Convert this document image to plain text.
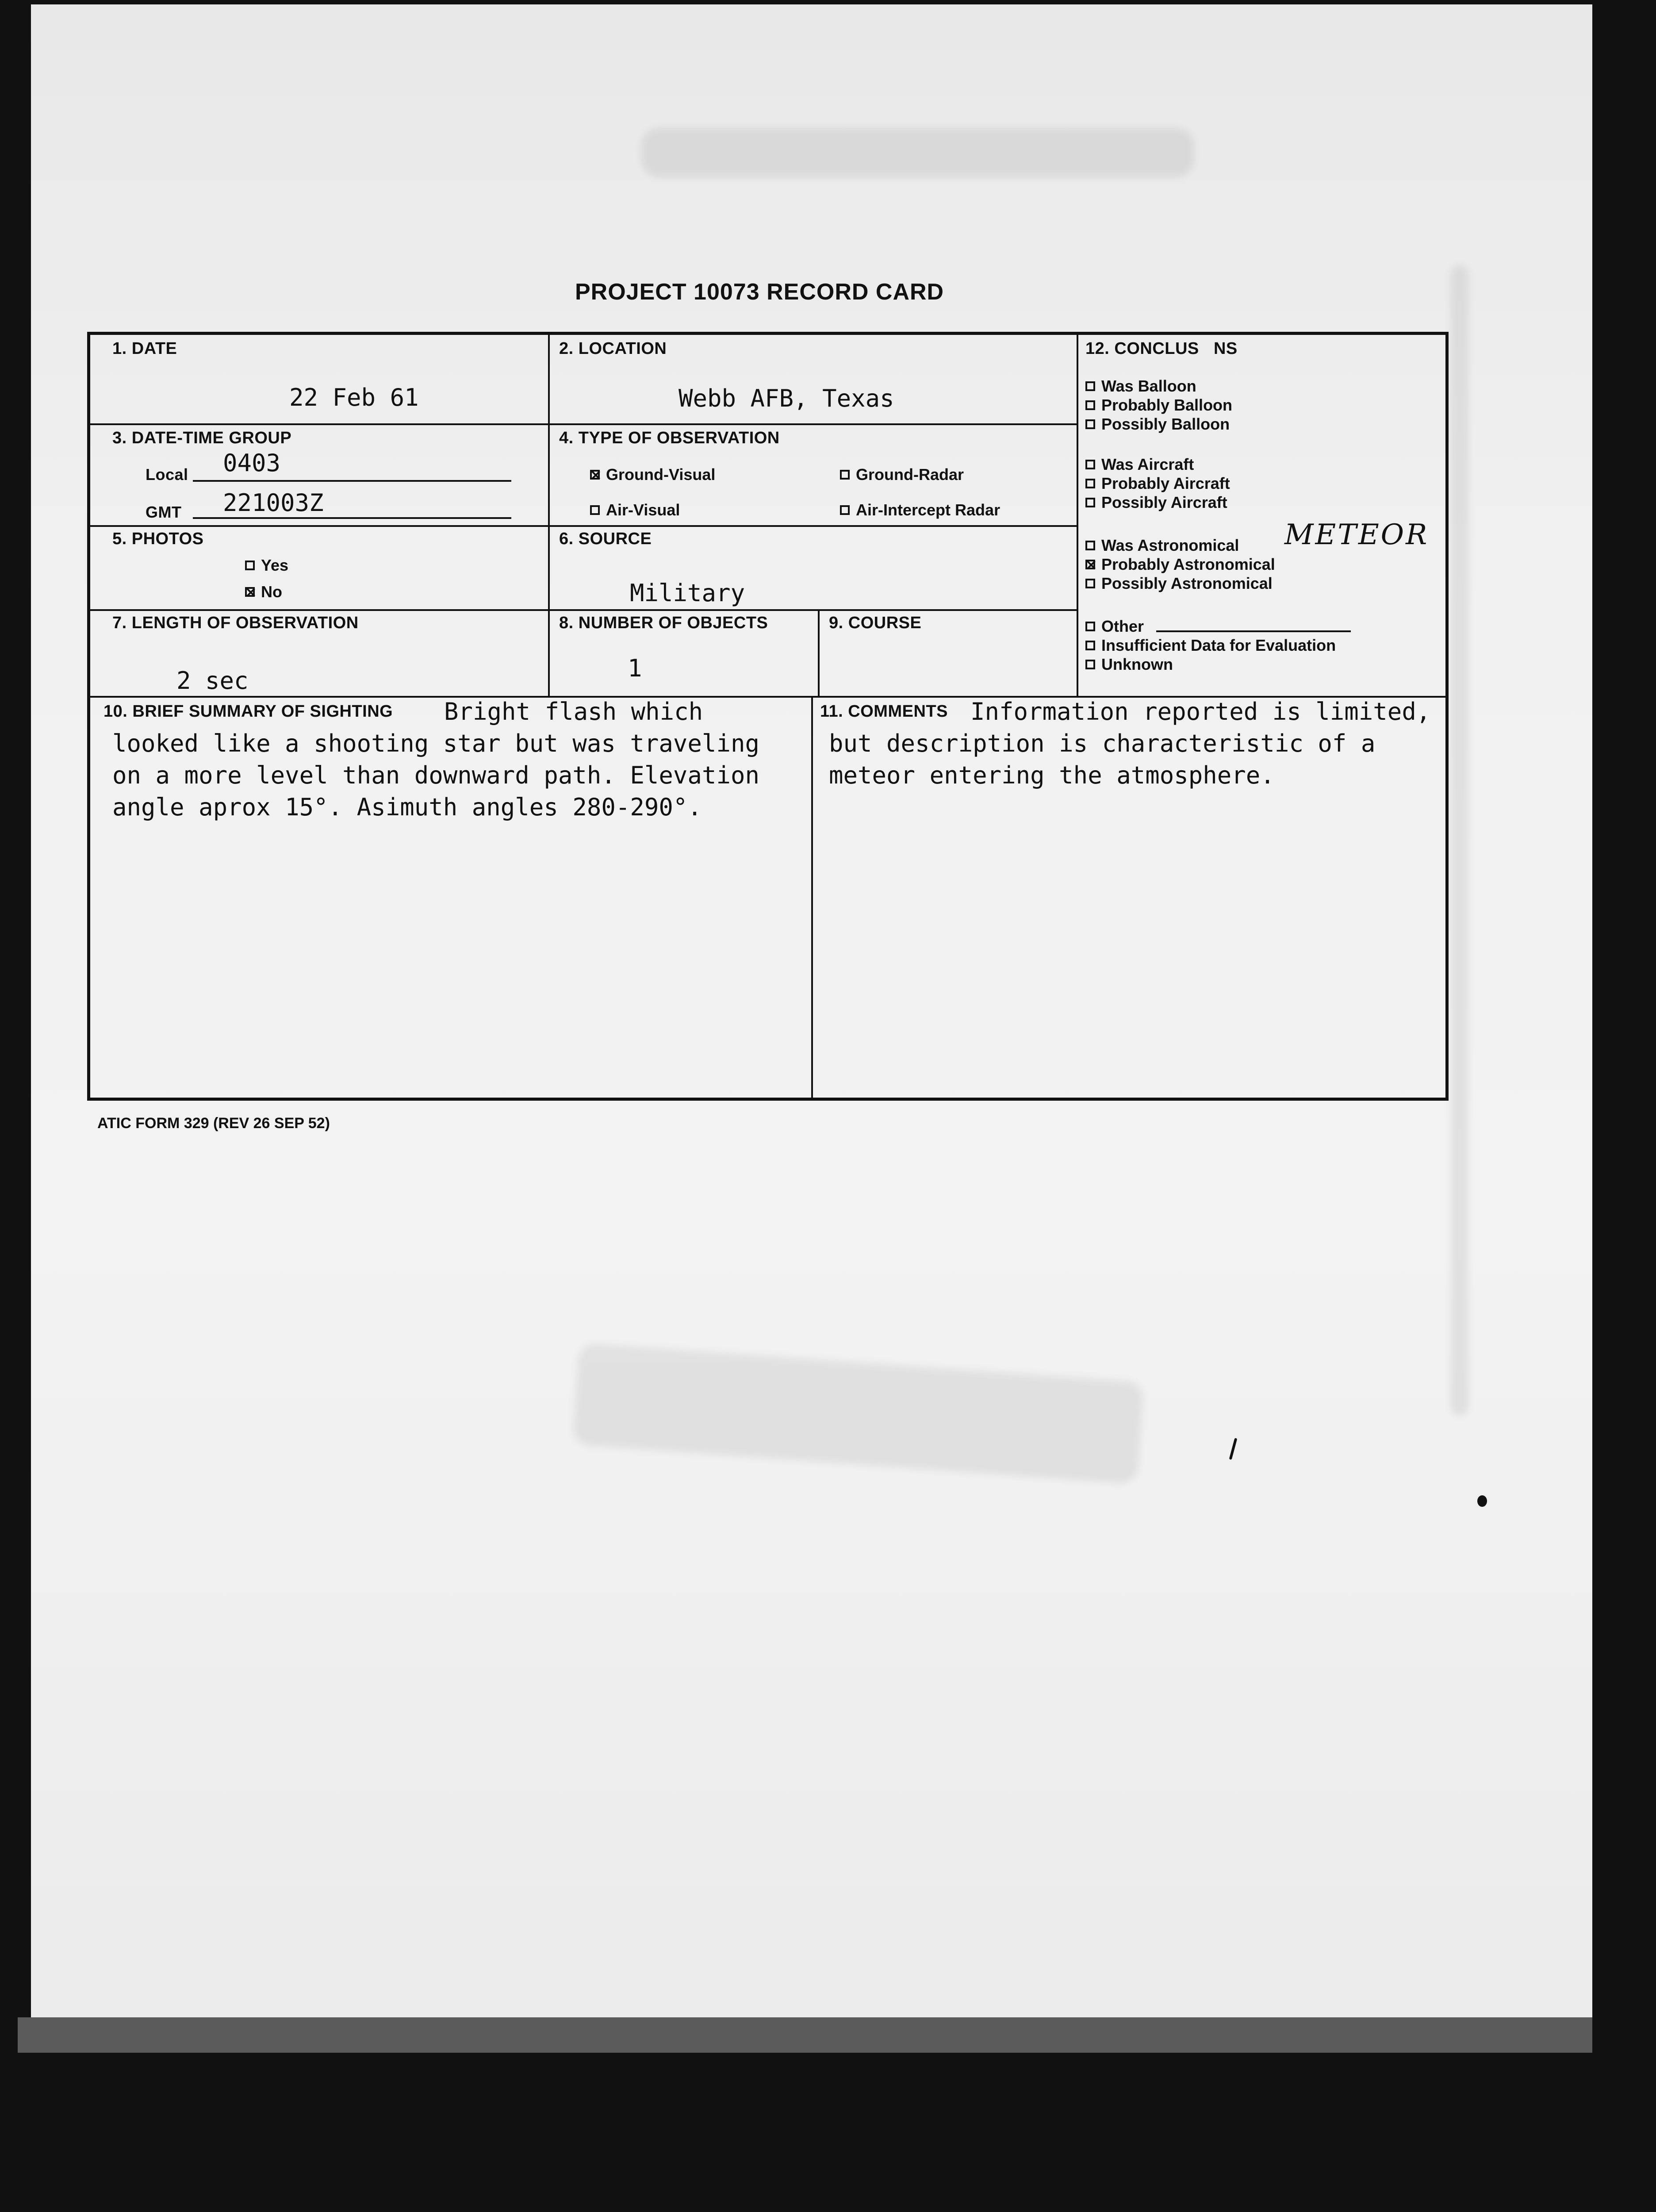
PROJECT 10073 RECORD CARD
1. DATE
22 Feb 61
2. LOCATION
Webb AFB, Texas
3. DATE-TIME GROUP
Local 0403
GMT 221003Z
4. TYPE OF OBSERVATION
Ground-Visual	Ground-Radar
Air-Visual	Air-Intercept Radar
5. PHOTOS
Yes
No
6. SOURCE
Military
7. LENGTH OF OBSERVATION
2 sec
8. NUMBER OF OBJECTS
1
9. COURSE
10. BRIEF SUMMARY OF SIGHTING Bright flash which
looked like a shooting star but was traveling
on a more level than downward path. Elevation
angle aprox 15°. Asimuth angles 280-290°.
11. COMMENTS Information reported is limited,
but description is characteristic of a
meteor entering the atmosphere.
12. CONCLUS   NS
Was Balloon
Probably Balloon
Possibly Balloon
Was Aircraft
Probably Aircraft
Possibly Aircraft
Was Astronomical METEOR
Probably Astronomical
Possibly Astronomical
Other
Insufficient Data for Evaluation
Unknown
ATIC FORM 329 (REV 26 SEP 52)
